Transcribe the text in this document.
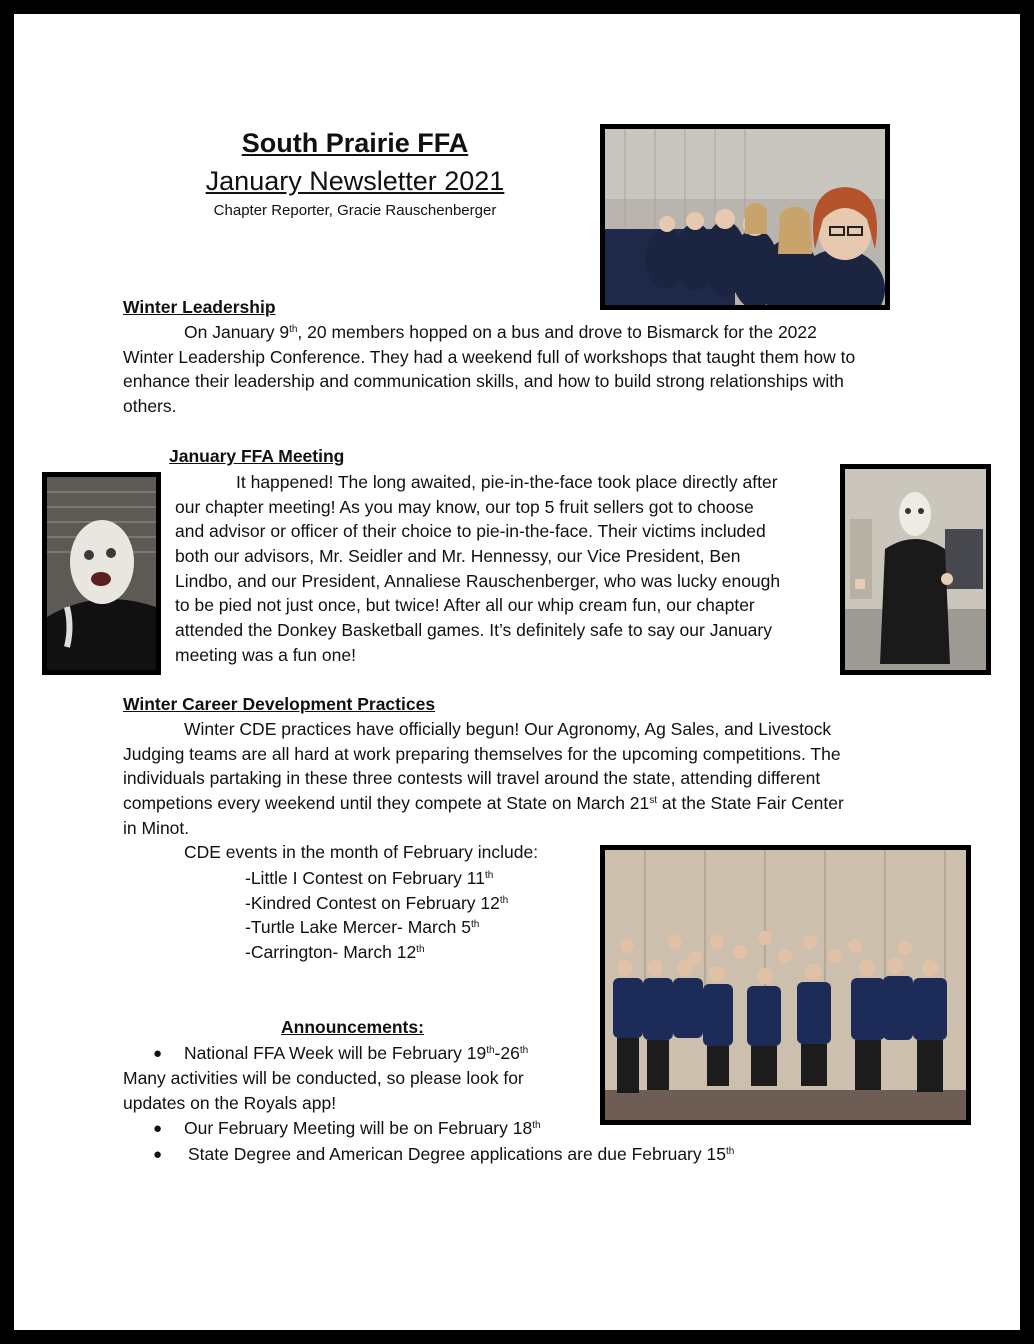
South Prairie FFA
January Newsletter 2021
Chapter Reporter, Gracie Rauschenberger
Winter Leadership
On January 9th, 20 members hopped on a bus and drove to Bismarck for the 2022
Winter Leadership Conference. They had a weekend full of workshops that taught them how to
enhance their leadership and communication skills, and how to build strong relationships with
others.
January FFA Meeting
It happened! The long awaited, pie-in-the-face took place directly after
our chapter meeting! As you may know, our top 5 fruit sellers got to choose
and advisor or officer of their choice to pie-in-the-face. Their victims included
both our advisors, Mr. Seidler and Mr. Hennessy, our Vice President, Ben
Lindbo, and our President, Annaliese Rauschenberger, who was lucky enough
to be pied not just once, but twice! After all our whip cream fun, our chapter
attended the Donkey Basketball games. It’s definitely safe to say our January
meeting was a fun one!
Winter Career Development Practices
Winter CDE practices have officially begun! Our Agronomy, Ag Sales, and Livestock
Judging teams are all hard at work preparing themselves for the upcoming competitions. The
individuals partaking in these three contests will travel around the state, attending different
competions every weekend until they compete at State on March 21st at the State Fair Center
in Minot.
CDE events in the month of February include:
-Little I Contest on February 11th
-Kindred Contest on February 12th
-Turtle Lake Mercer- March 5th
-Carrington- March 12th
Announcements:
● National FFA Week will be February 19th-26th
Many activities will be conducted, so please look for
updates on the Royals app!
● Our February Meeting will be on February 18th
● State Degree and American Degree applications are due February 15th
